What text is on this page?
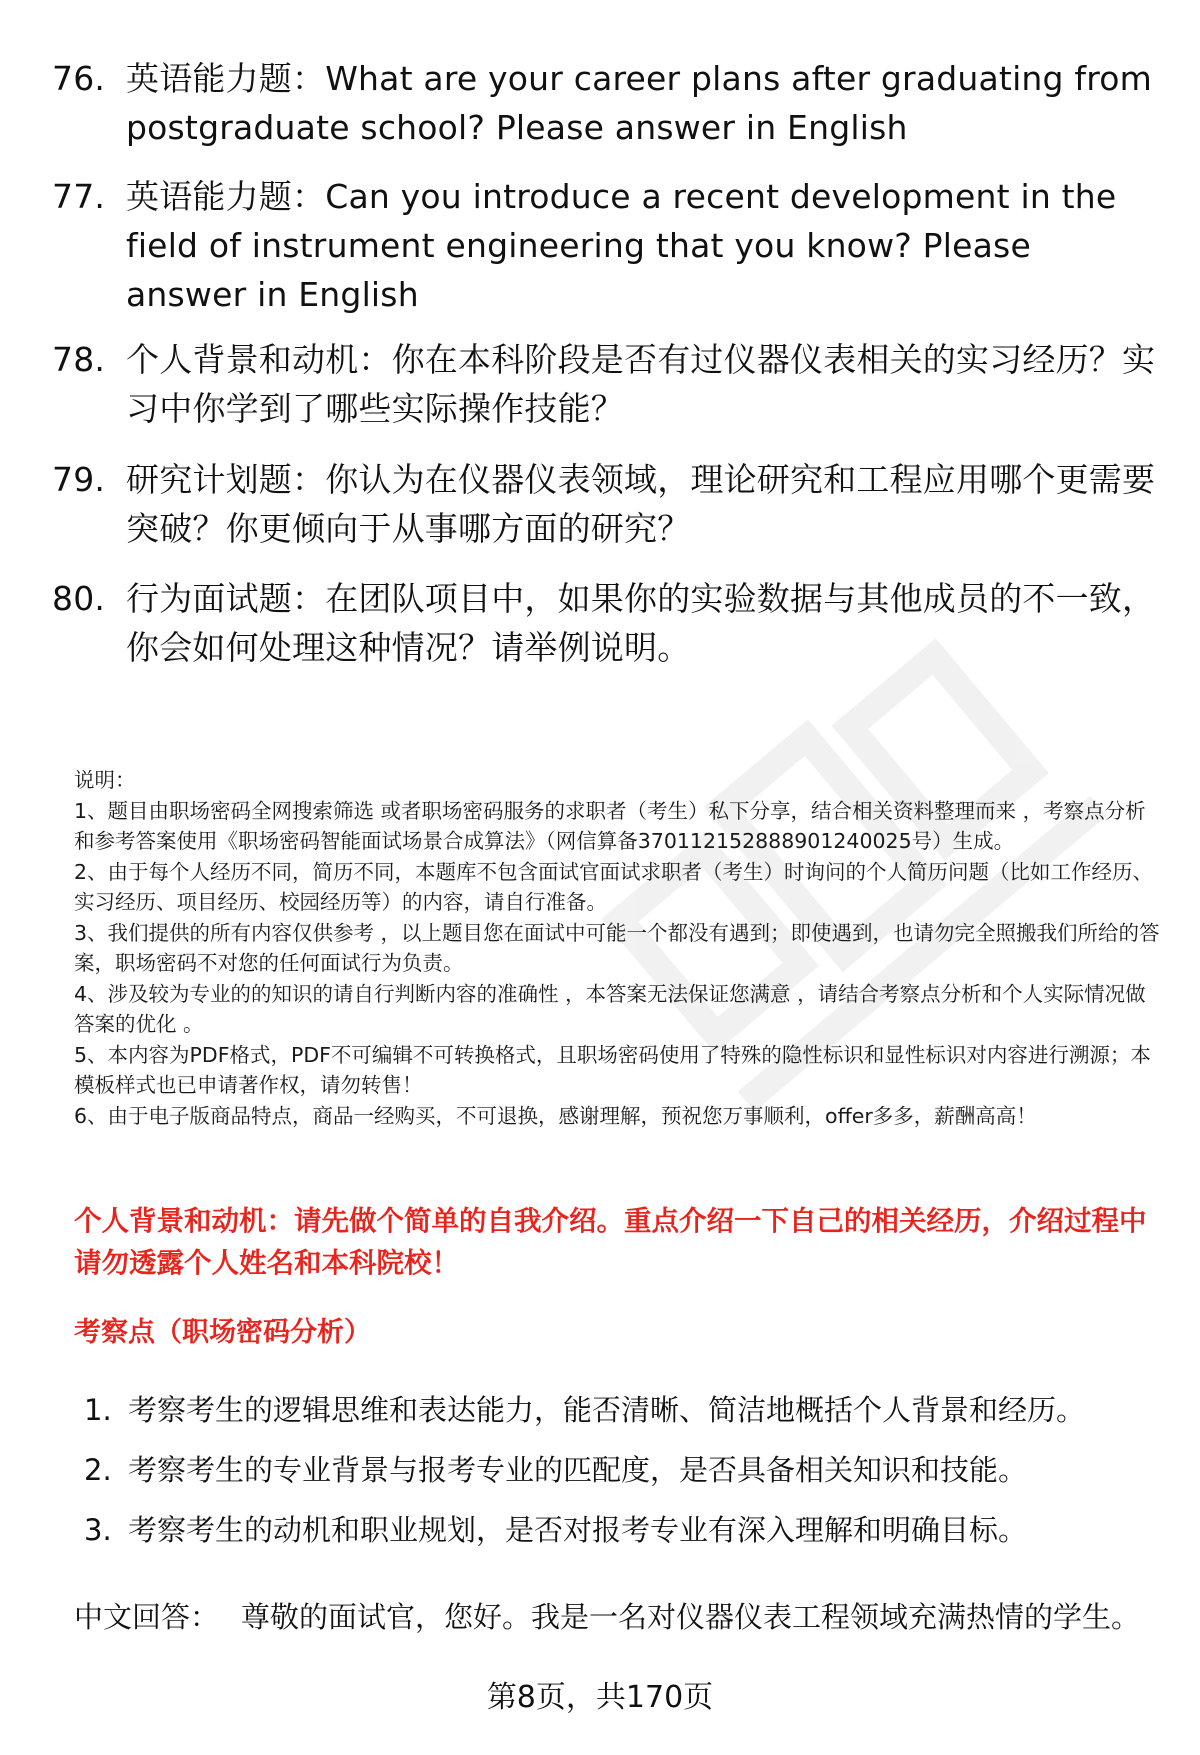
76. 英语能力题：What are your career plans after graduating from postgraduate school? Please answer in English
77. 英语能力题：Can you introduce a recent development in the field of instrument engineering that you know? Please answer in English
78. 个人背景和动机：你在本科阶段是否有过仪器仪表相关的实习经历？实习中你学到了哪些实际操作技能？
79. 研究计划题：你认为在仪器仪表领域，理论研究和工程应用哪个更需要突破？你更倾向于从事哪方面的研究？
80. 行为面试题：在团队项目中，如果你的实验数据与其他成员的不一致，你会如何处理这种情况？请举例说明。

说明：

1、题目由职场密码全网搜索筛选 或者职场密码服务的求职者（考生）私下分享，结合相关资料整理而来 ，考察点分析和参考答案使用《职场密码智能面试场景合成算法》（网信算备370112152888901240025号）生成。

2、由于每个人经历不同，简历不同，本题库不包含面试官面试求职者（考生）时询问的个人简历问题（比如工作经历、实习经历、项目经历、校园经历等）的内容，请自行准备。

3、我们提供的所有内容仅供参考 ，以上题目您在面试中可能一个都没有遇到；即使遇到，也请勿完全照搬我们所给的答案，职场密码不对您的任何面试行为负责。

4、涉及较为专业的的知识的请自行判断内容的准确性 ，本答案无法保证您满意 ，请结合考察点分析和个人实际情况做答案的优化 。

5、本内容为PDF格式，PDF不可编辑不可转换格式，且职场密码使用了特殊的隐性标识和显性标识对内容进行溯源；本模板样式也已申请著作权，请勿转售！

6、由于电子版商品特点，商品一经购买，不可退换，感谢理解，预祝您万事顺利，offer多多，薪酬高高！

个人背景和动机：请先做个简单的自我介绍。重点介绍一下自己的相关经历，介绍过程中请勿透露个人姓名和本科院校！
考察点（职场密码分析）
1. 考察考生的逻辑思维和表达能力，能否清晰、简洁地概括个人背景和经历。
2. 考察考生的专业背景与报考专业的匹配度，是否具备相关知识和技能。
3. 考察考生的动机和职业规划，是否对报考专业有深入理解和明确目标。
中文回答： 尊敬的面试官，您好。我是一名对仪器仪表工程领域充满热情的学生。
第8页，共170页
